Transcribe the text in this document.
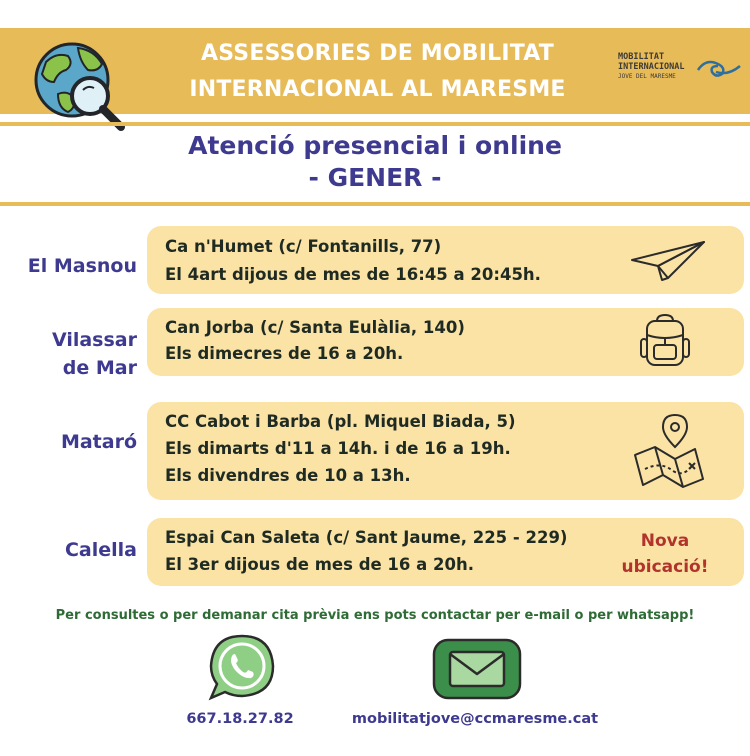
ASSESSORIES DE MOBILITAT
INTERNACIONAL AL MARESME
MOBILITAT
INTERNACIONAL
JOVE DEL MARESME
Atenció presencial i online
- GENER -
El Masnou
Ca n'Humet (c/ Fontanills, 77)
El 4art dijous de mes de 16:45 a 20:45h.
Vilassar
de Mar
Can Jorba (c/ Santa Eulàlia, 140)
Els dimecres de 16 a 20h.
Mataró
CC Cabot i Barba (pl. Miquel Biada, 5)
Els dimarts d'11 a 14h. i de 16 a 19h.
Els divendres de 10 a 13h.
Calella
Espai Can Saleta (c/ Sant Jaume, 225 - 229)
El 3er dijous de mes de 16 a 20h.
Nova
ubicació!
Per consultes o per demanar cita prèvia ens pots contactar per e-mail o per whatsapp!
667.18.27.82	mobilitatjove@ccmaresme.cat
